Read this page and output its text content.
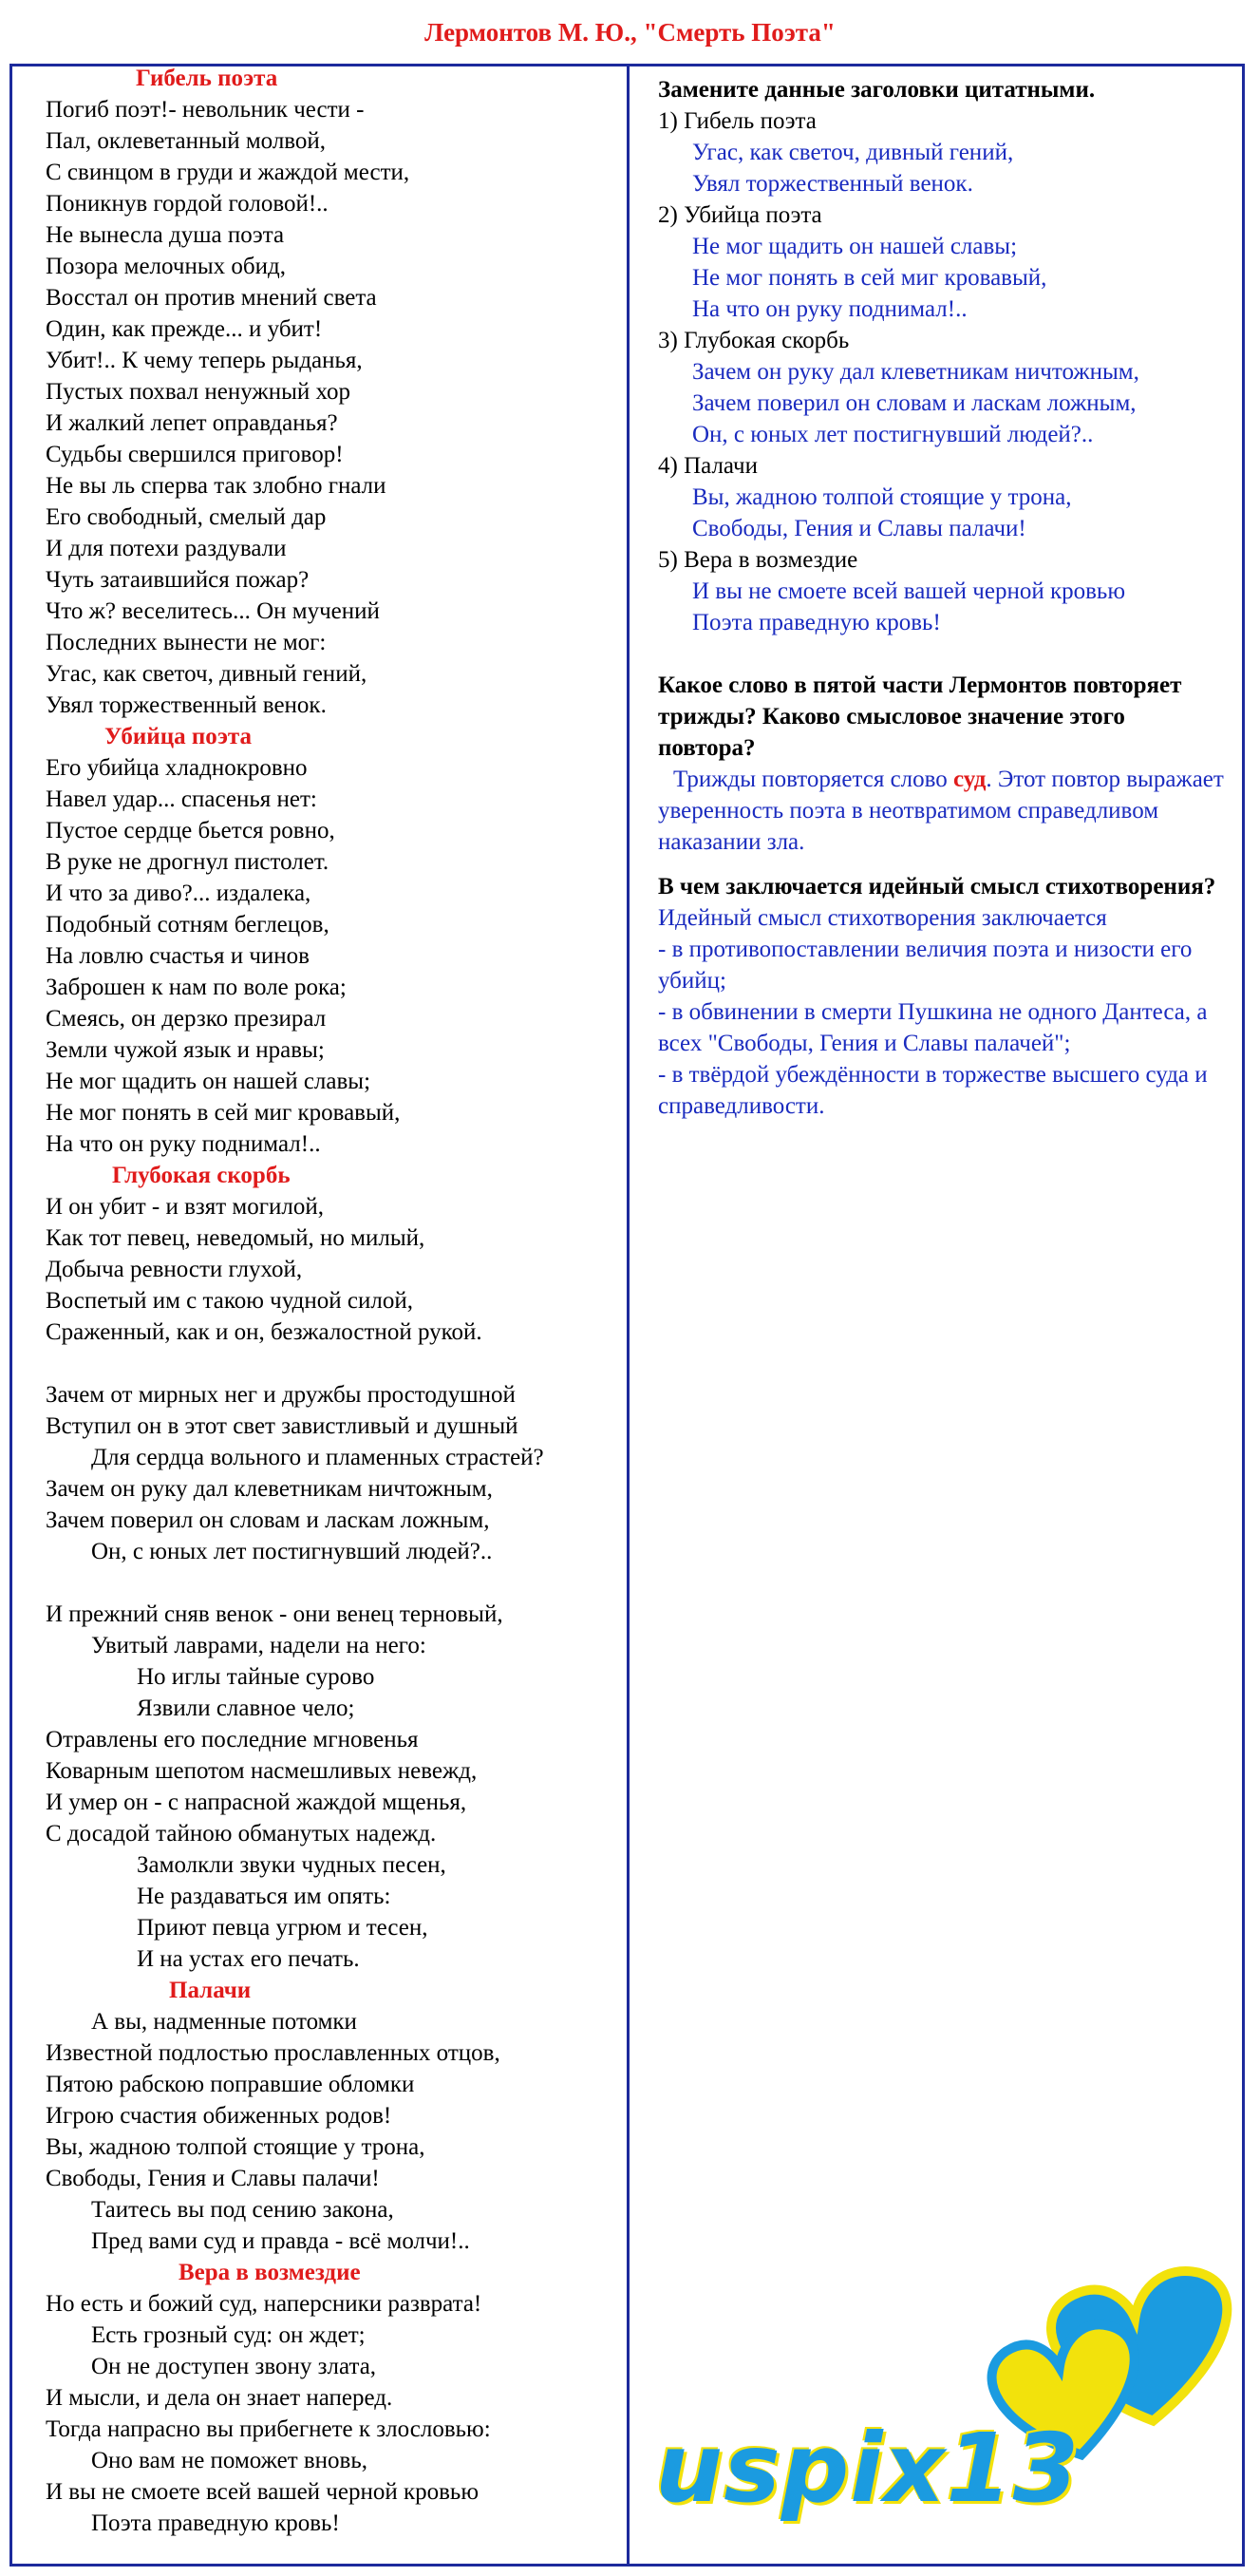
Лермонтов М. Ю., "Смерть Поэта"
Гибель поэта
Погиб поэт!- невольник чести -
Пал, оклеветанный молвой,
С свинцом в груди и жаждой мести,
Поникнув гордой головой!..
Не вынесла душа поэта
Позора мелочных обид,
Восстал он против мнений света
Один, как прежде... и убит!
Убит!.. К чему теперь рыданья,
Пустых похвал ненужный хор
И жалкий лепет оправданья?
Судьбы свершился приговор!
Не вы ль сперва так злобно гнали
Его свободный, смелый дар
И для потехи раздували
Чуть затаившийся пожар?
Что ж? веселитесь... Он мучений
Последних вынести не мог:
Угас, как светоч, дивный гений,
Увял торжественный венок.
Убийца поэта
Его убийца хладнокровно
Навел удар... спасенья нет:
Пустое сердце бьется ровно,
В руке не дрогнул пистолет.
И что за диво?... издалека,
Подобный сотням беглецов,
На ловлю счастья и чинов
Заброшен к нам по воле рока;
Смеясь, он дерзко презирал
Земли чужой язык и нравы;
Не мог щадить он нашей славы;
Не мог понять в сей миг кровавый,
На что он руку поднимал!..
Глубокая скорбь
И он убит - и взят могилой,
Как тот певец, неведомый, но милый,
Добыча ревности глухой,
Воспетый им с такою чудной силой,
Сраженный, как и он, безжалостной рукой.
Зачем от мирных нег и дружбы простодушной
Вступил он в этот свет завистливый и душный
Для сердца вольного и пламенных страстей?
Зачем он руку дал клеветникам ничтожным,
Зачем поверил он словам и ласкам ложным,
Он, с юных лет постигнувший людей?..
И прежний сняв венок - они венец терновый,
Увитый лаврами, надели на него:
Но иглы тайные сурово
Язвили славное чело;
Отравлены его последние мгновенья
Коварным шепотом насмешливых невежд,
И умер он - с напрасной жаждой мщенья,
С досадой тайною обманутых надежд.
Замолкли звуки чудных песен,
Не раздаваться им опять:
Приют певца угрюм и тесен,
И на устах его печать.
Палачи
А вы, надменные потомки
Известной подлостью прославленных отцов,
Пятою рабскою поправшие обломки
Игрою счастия обиженных родов!
Вы, жадною толпой стоящие у трона,
Свободы, Гения и Славы палачи!
Таитесь вы под сению закона,
Пред вами суд и правда - всё молчи!..
Вера в возмездие
Но есть и божий суд, наперсники разврата!
Есть грозный суд: он ждет;
Он не доступен звону злата,
И мысли, и дела он знает наперед.
Тогда напрасно вы прибегнете к злословью:
Оно вам не поможет вновь,
И вы не смоете всей вашей черной кровью
Поэта праведную кровь!
Замените данные заголовки цитатными.
1) Гибель поэта
Угас, как светоч, дивный гений,
Увял торжественный венок.
2) Убийца поэта
Не мог щадить он нашей славы;
Не мог понять в сей миг кровавый,
На что он руку поднимал!..
3) Глубокая скорбь
Зачем он руку дал клеветникам ничтожным,
Зачем поверил он словам и ласкам ложным,
Он, с юных лет постигнувший людей?..
4) Палачи
Вы, жадною толпой стоящие у трона,
Свободы, Гения и Славы палачи!
5) Вера в возмездие
И вы не смоете всей вашей черной кровью
Поэта праведную кровь!
Какое слово в пятой части Лермонтов повторяет трижды? Каково смысловое значение этого повтора?
Трижды повторяется слово суд. Этот повтор выражает уверенность поэта в неотвратимом справедливом наказании зла.
В чем заключается идейный смысл стихотворения?
Идейный смысл стихотворения заключается
- в противопоставлении величия поэта и низости его убийц;
- в обвинении в смерти Пушкина не одного Дантеса, а всех "Свободы, Гения и Славы палачей";
- в твёрдой убеждённости в торжестве высшего суда и справедливости.
uspix13
